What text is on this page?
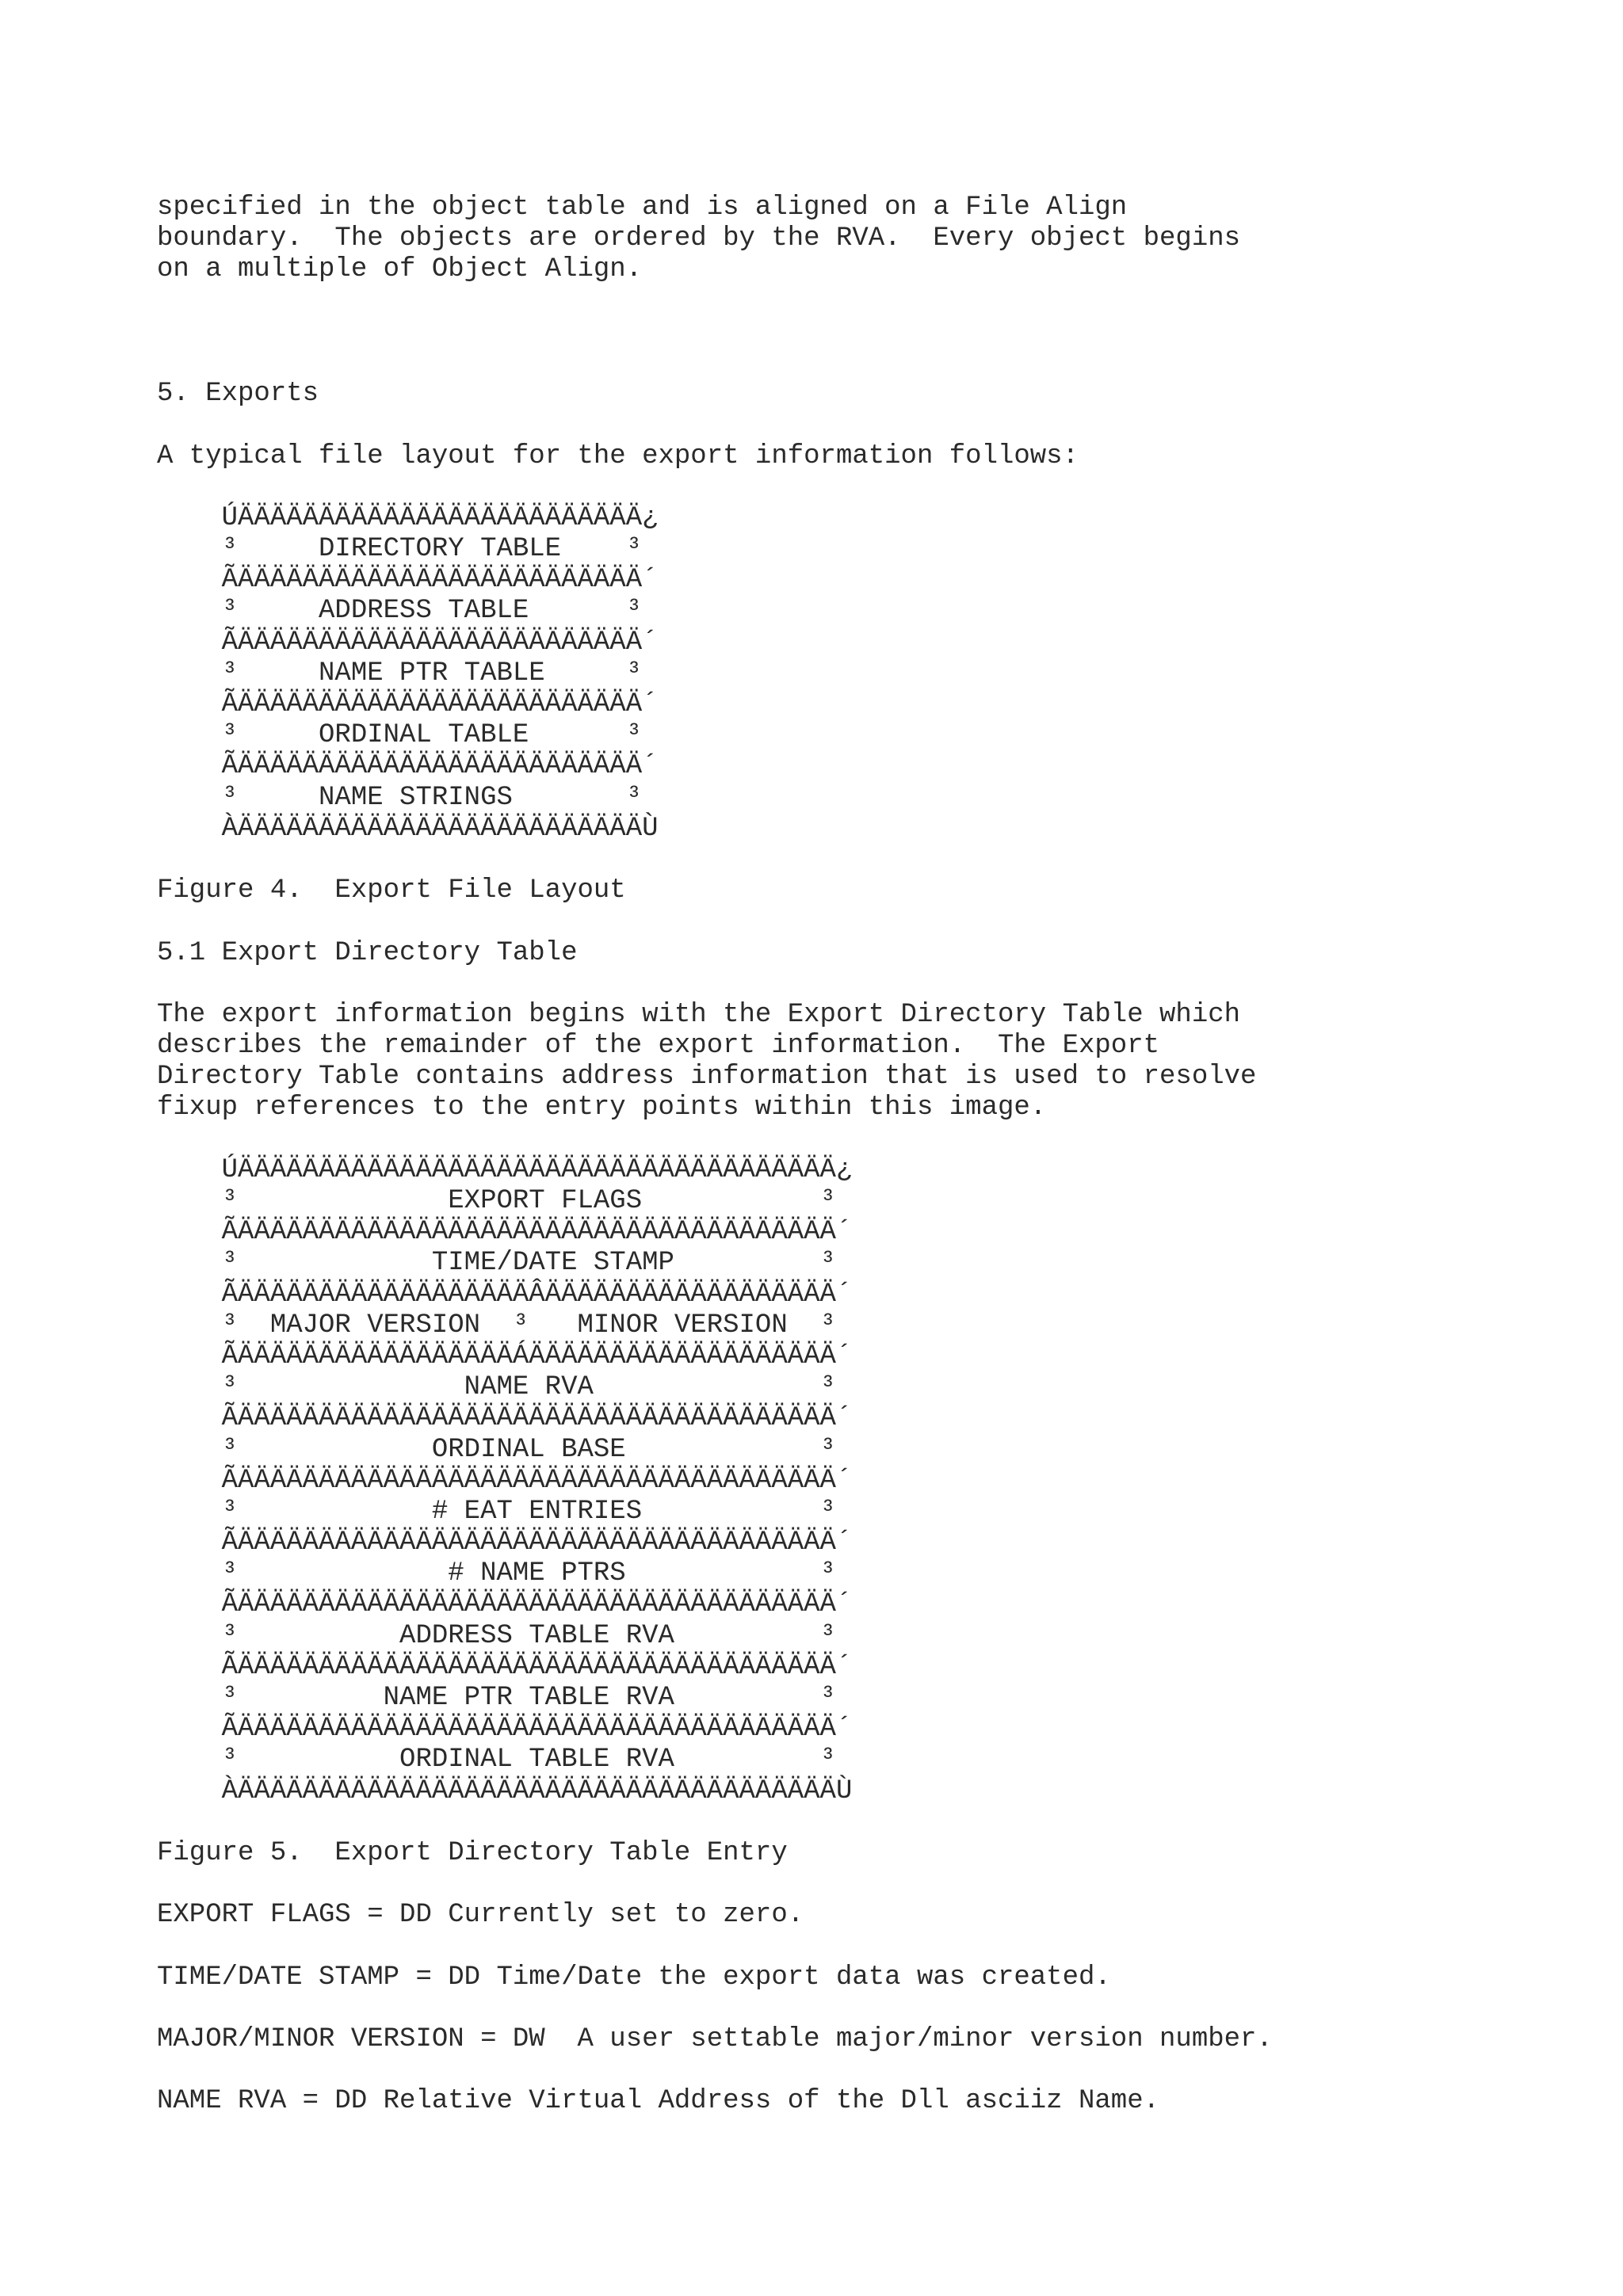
specified in the object table and is aligned on a File Align
boundary.  The objects are ordered by the RVA.  Every object begins
on a multiple of Object Align.
5. Exports
A typical file layout for the export information follows:
ÚÄÄÄÄÄÄÄÄÄÄÄÄÄÄÄÄÄÄÄÄÄÄÄÄÄ¿
³     DIRECTORY TABLE    ³
ÃÄÄÄÄÄÄÄÄÄÄÄÄÄÄÄÄÄÄÄÄÄÄÄÄÄ´
³     ADDRESS TABLE      ³
ÃÄÄÄÄÄÄÄÄÄÄÄÄÄÄÄÄÄÄÄÄÄÄÄÄÄ´
³     NAME PTR TABLE     ³
ÃÄÄÄÄÄÄÄÄÄÄÄÄÄÄÄÄÄÄÄÄÄÄÄÄÄ´
³     ORDINAL TABLE      ³
ÃÄÄÄÄÄÄÄÄÄÄÄÄÄÄÄÄÄÄÄÄÄÄÄÄÄ´
³     NAME STRINGS       ³
ÀÄÄÄÄÄÄÄÄÄÄÄÄÄÄÄÄÄÄÄÄÄÄÄÄÄÙ
Figure 4.  Export File Layout
5.1 Export Directory Table
The export information begins with the Export Directory Table which
describes the remainder of the export information.  The Export
Directory Table contains address information that is used to resolve
fixup references to the entry points within this image.
ÚÄÄÄÄÄÄÄÄÄÄÄÄÄÄÄÄÄÄÄÄÄÄÄÄÄÄÄÄÄÄÄÄÄÄÄÄÄ¿
³             EXPORT FLAGS           ³
ÃÄÄÄÄÄÄÄÄÄÄÄÄÄÄÄÄÄÄÄÄÄÄÄÄÄÄÄÄÄÄÄÄÄÄÄÄÄ´
³            TIME/DATE STAMP         ³
ÃÄÄÄÄÄÄÄÄÄÄÄÄÄÄÄÄÄÄÂÄÄÄÄÄÄÄÄÄÄÄÄÄÄÄÄÄÄ´
³  MAJOR VERSION  ³   MINOR VERSION  ³
ÃÄÄÄÄÄÄÄÄÄÄÄÄÄÄÄÄÄÁÄÄÄÄÄÄÄÄÄÄÄÄÄÄÄÄÄÄÄ´
³              NAME RVA              ³
ÃÄÄÄÄÄÄÄÄÄÄÄÄÄÄÄÄÄÄÄÄÄÄÄÄÄÄÄÄÄÄÄÄÄÄÄÄÄ´
³            ORDINAL BASE            ³
ÃÄÄÄÄÄÄÄÄÄÄÄÄÄÄÄÄÄÄÄÄÄÄÄÄÄÄÄÄÄÄÄÄÄÄÄÄÄ´
³            # EAT ENTRIES           ³
ÃÄÄÄÄÄÄÄÄÄÄÄÄÄÄÄÄÄÄÄÄÄÄÄÄÄÄÄÄÄÄÄÄÄÄÄÄÄ´
³             # NAME PTRS            ³
ÃÄÄÄÄÄÄÄÄÄÄÄÄÄÄÄÄÄÄÄÄÄÄÄÄÄÄÄÄÄÄÄÄÄÄÄÄÄ´
³          ADDRESS TABLE RVA         ³
ÃÄÄÄÄÄÄÄÄÄÄÄÄÄÄÄÄÄÄÄÄÄÄÄÄÄÄÄÄÄÄÄÄÄÄÄÄÄ´
³         NAME PTR TABLE RVA         ³
ÃÄÄÄÄÄÄÄÄÄÄÄÄÄÄÄÄÄÄÄÄÄÄÄÄÄÄÄÄÄÄÄÄÄÄÄÄÄ´
³          ORDINAL TABLE RVA         ³
ÀÄÄÄÄÄÄÄÄÄÄÄÄÄÄÄÄÄÄÄÄÄÄÄÄÄÄÄÄÄÄÄÄÄÄÄÄÄÙ
Figure 5.  Export Directory Table Entry
EXPORT FLAGS = DD Currently set to zero.
TIME/DATE STAMP = DD Time/Date the export data was created.
MAJOR/MINOR VERSION = DW  A user settable major/minor version number.
NAME RVA = DD Relative Virtual Address of the Dll asciiz Name.
